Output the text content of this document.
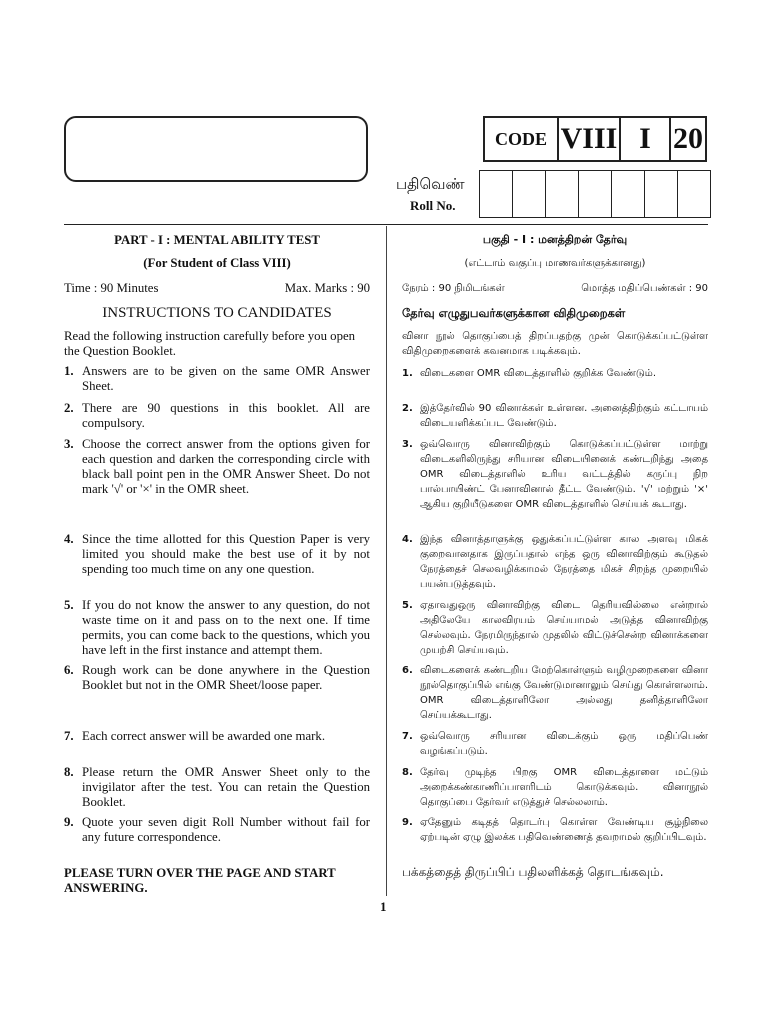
CODE VIII I 20
பதிவெண்
Roll No.
PART - I : MENTAL ABILITY TEST
(For Student of Class VIII)
Time : 90 Minutes	Max. Marks : 90
INSTRUCTIONS TO CANDIDATES
Read the following instruction carefully before you open the Question Booklet.
1. Answers are to be given on the same OMR Answer Sheet.
2. There are 90 questions in this booklet. All are compulsory.
3. Choose the correct answer from the options given for each question and darken the corresponding circle with black ball point pen in the OMR Answer Sheet. Do not mark '√' or '×' in the OMR sheet.
4. Since the time allotted for this Question Paper is very limited you should make the best use of it by not spending too much time on any one question.
5. If you do not know the answer to any question, do not waste time on it and pass on to the next one. If time permits, you can come back to the questions, which you have left in the first instance and attempt them.
6. Rough work can be done anywhere in the Question Booklet but not in the OMR Sheet/loose paper.
7. Each correct answer will be awarded one mark.
8. Please return the OMR Answer Sheet only to the invigilator after the test. You can retain the Question Booklet.
9. Quote your seven digit Roll Number without fail for any future correspondence.
PLEASE TURN OVER THE PAGE AND START ANSWERING.
பகுதி - I : மனத்திறன் தேர்வு
(எட்டாம் வகுப்பு மாணவர்களுக்கானது)
நேரம் : 90 நிமிடங்கள்	மொத்த மதிப்பெண்கள் : 90
தேர்வு எழுதுபவர்களுக்கான விதிமுறைகள்
வினா நூல் தொகுப்பைத் திறப்பதற்கு முன் கொடுக்கப்பட்டுள்ள விதிமுறைகளைக் கவனமாக படிக்கவும்.
1. விடைகளை OMR விடைத்தாளில் குறிக்க வேண்டும்.
2. இத்தேர்வில் 90 வினாக்கள் உள்ளன. அனைத்திற்கும் கட்டாயம் விடையளிக்கப்பட வேண்டும்.
3. ஒவ்வொரு வினாவிற்கும் கொடுக்கப்பட்டுள்ள மாற்று விடைகளிலிருந்து சரியான விடையினைக் கண்டறிந்து அதை OMR விடைத்தாளில் உரிய வட்டத்தில் கருப்பு நிற பால்பாயிண்ட் பேனாவினால் தீட்ட வேண்டும். '√' மற்றும் '×' ஆகிய குறியீடுகளை OMR விடைத்தாளில் செய்யக் கூடாது.
4. இந்த வினாத்தாளுக்கு ஒதுக்கப்பட்டுள்ள கால அளவு மிகக் குறைவானதாக இருப்பதால் எந்த ஒரு வினாவிற்கும் கூடுதல் நேரத்தைச் செலவழிக்காமல் நேரத்தை மிகச் சிறந்த முறையில் பயன்படுத்தவும்.
5. ஏதாவதுஒரு வினாவிற்கு விடை தெரியவில்லை என்றால் அதிலேயே காலவிரயம் செய்யாமல் அடுத்த வினாவிற்கு செல்லவும். நேரமிருந்தால் முதலில் விட்டுச்சென்ற வினாக்களை முயற்சி செய்யவும்.
6. விடைகளைக் கண்டறிய மேற்கொள்ளும் வழிமுறைகளை வினா நூல்தொகுப்பில் எங்கு வேண்டுமானாலும் செய்து கொள்ளலாம். OMR விடைத்தாளிலோ அல்லது தனித்தாளிலோ செய்யக்கூடாது.
7. ஒவ்வொரு சரியான விடைக்கும் ஒரு மதிப்பெண் வழங்கப்படும்.
8. தேர்வு முடிந்த பிறகு OMR விடைத்தாளை மட்டும் அறைக்கண்காணிப்பாளரிடம் கொடுக்கவும். வினாநூல் தொகுப்பை தேர்வர் எடுத்துச் செல்லலாம்.
9. ஏதேனும் கடிதத் தொடர்பு கொள்ள வேண்டிய சூழ்நிலை ஏற்படின் ஏழு இலக்க பதிவெண்ணைத் தவறாமல் குறிப்பிடவும்.
பக்கத்தைத் திருப்பிப் பதிலளிக்கத் தொடங்கவும்.
1
